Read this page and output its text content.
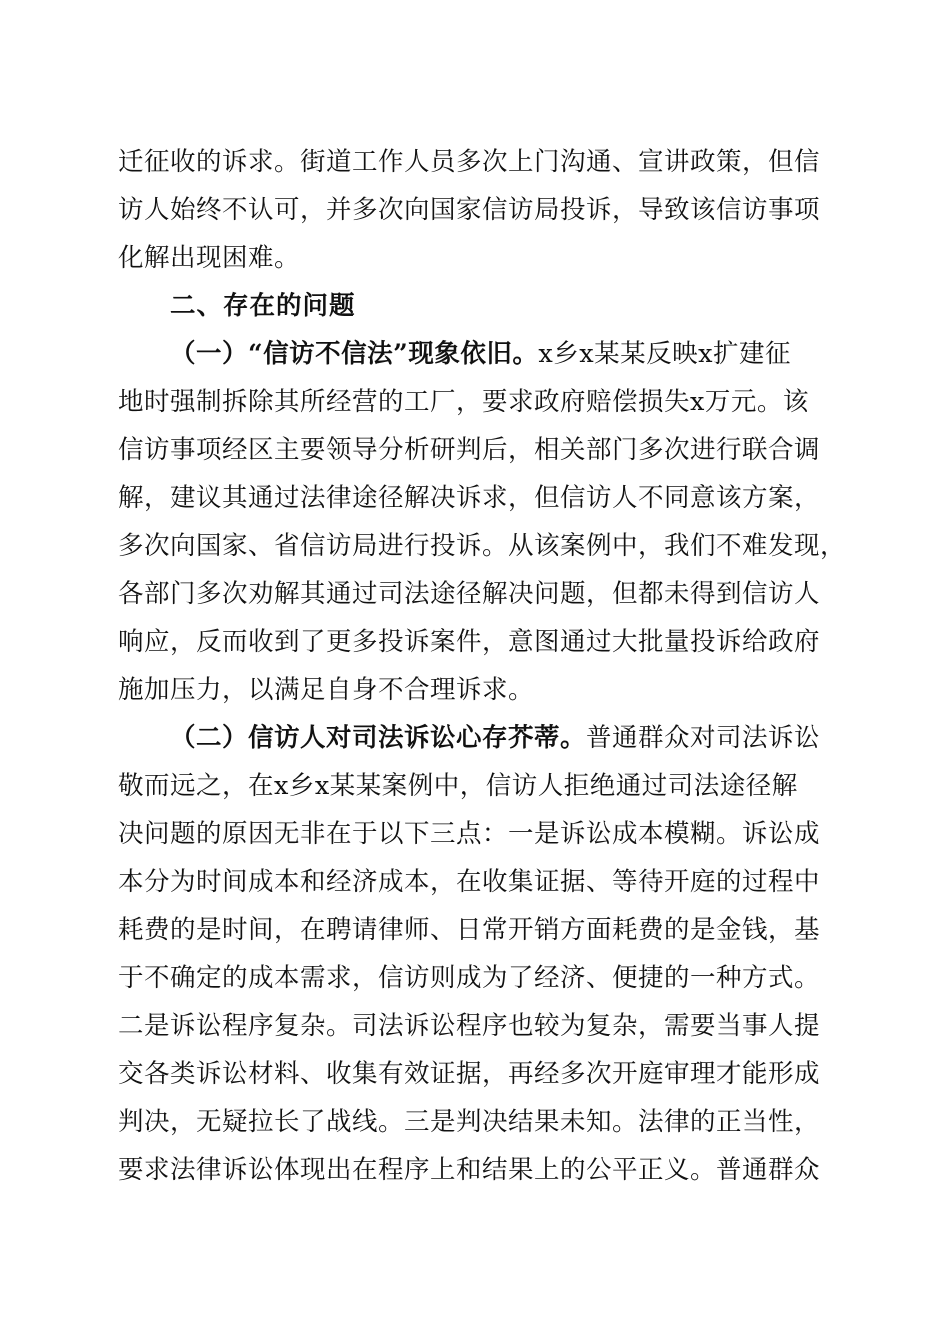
迁征收的诉求。街道工作人员多次上门沟通、宣讲政策，但信
访人始终不认可，并多次向国家信访局投诉，导致该信访事项
化解出现困难。
二、存在的问题
（一）“信访不信法”现象依旧。x乡x某某反映x扩建征
地时强制拆除其所经营的工厂，要求政府赔偿损失x万元。该
信访事项经区主要领导分析研判后，相关部门多次进行联合调
解，建议其通过法律途径解决诉求，但信访人不同意该方案，
多次向国家、省信访局进行投诉。从该案例中，我们不难发现，
各部门多次劝解其通过司法途径解决问题，但都未得到信访人
响应，反而收到了更多投诉案件，意图通过大批量投诉给政府
施加压力，以满足自身不合理诉求。
（二）信访人对司法诉讼心存芥蒂。普通群众对司法诉讼
敬而远之，在x乡x某某案例中，信访人拒绝通过司法途径解
决问题的原因无非在于以下三点：一是诉讼成本模糊。诉讼成
本分为时间成本和经济成本，在收集证据、等待开庭的过程中
耗费的是时间，在聘请律师、日常开销方面耗费的是金钱，基
于不确定的成本需求，信访则成为了经济、便捷的一种方式。
二是诉讼程序复杂。司法诉讼程序也较为复杂，需要当事人提
交各类诉讼材料、收集有效证据，再经多次开庭审理才能形成
判决，无疑拉长了战线。三是判决结果未知。法律的正当性，
要求法律诉讼体现出在程序上和结果上的公平正义。普通群众
